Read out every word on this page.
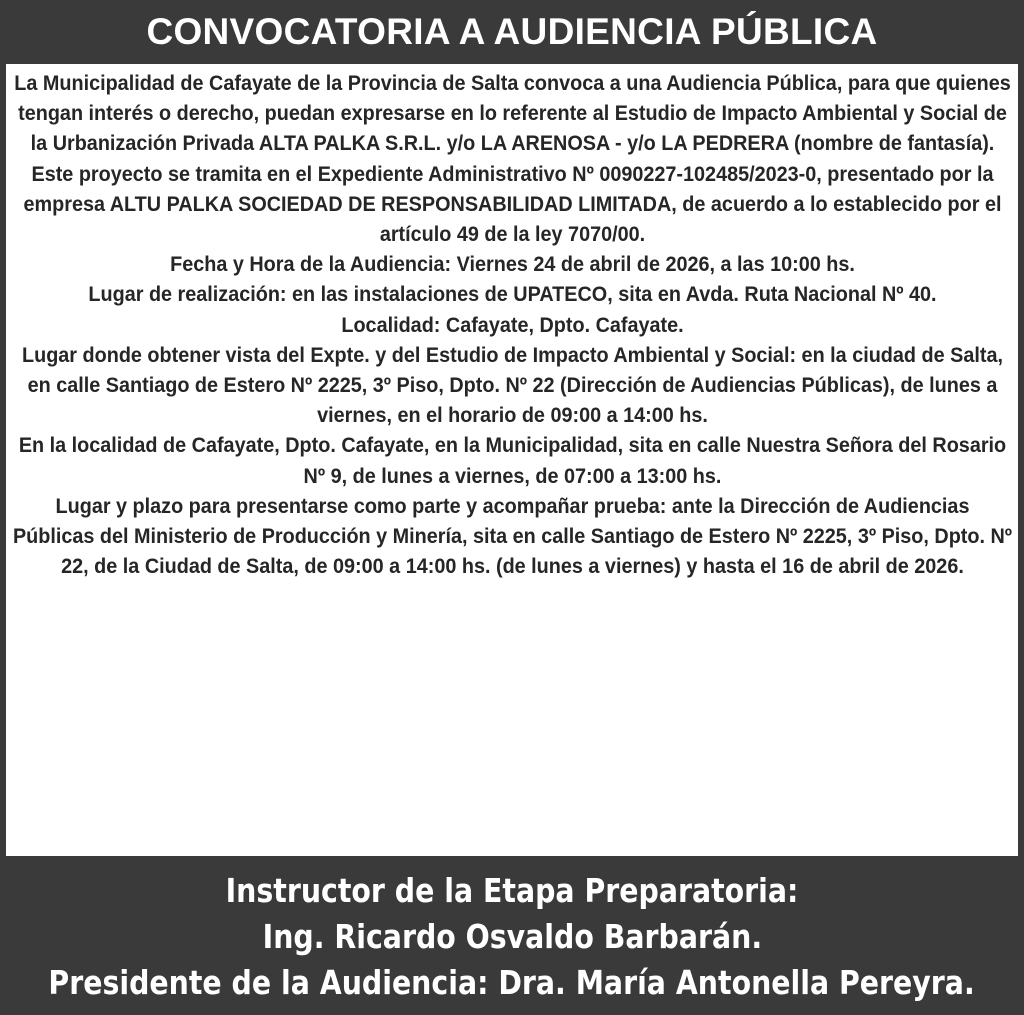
CONVOCATORIA A AUDIENCIA PÚBLICA

La Municipalidad de Cafayate de la Provincia de Salta convoca a una Audiencia Pública, para que quienes tengan interés o derecho, puedan expresarse en lo referente al Estudio de Impacto Ambiental y Social de la Urbanización Privada ALTA PALKA S.R.L. y/o LA ARENOSA - y/o LA PEDRERA (nombre de fantasía).

Este proyecto se tramita en el Expediente Administrativo Nº 0090227-102485/2023-0, presentado por la empresa ALTU PALKA SOCIEDAD DE RESPONSABILIDAD LIMITADA, de acuerdo a lo establecido por el artículo 49 de la ley 7070/00.

Fecha y Hora de la Audiencia: Viernes 24 de abril de 2026, a las 10:00 hs.

Lugar de realización: en las instalaciones de UPATECO, sita en Avda. Ruta Nacional Nº 40.

Localidad: Cafayate, Dpto. Cafayate.

Lugar donde obtener vista del Expte. y del Estudio de Impacto Ambiental y Social: en la ciudad de Salta, en calle Santiago de Estero Nº 2225, 3º Piso, Dpto. Nº 22 (Dirección de Audiencias Públicas), de lunes a viernes, en el horario de 09:00 a 14:00 hs.

En la localidad de Cafayate, Dpto. Cafayate, en la Municipalidad, sita en calle Nuestra Señora del Rosario Nº 9, de lunes a viernes, de 07:00 a 13:00 hs.

Lugar y plazo para presentarse como parte y acompañar prueba: ante la Dirección de Audiencias Públicas del Ministerio de Producción y Minería, sita en calle Santiago de Estero Nº 2225, 3º Piso, Dpto. Nº 22, de la Ciudad de Salta, de 09:00 a 14:00 hs. (de lunes a viernes) y hasta el 16 de abril de 2026.

Instructor de la Etapa Preparatoria:
Ing. Ricardo Osvaldo Barbarán.
Presidente de la Audiencia: Dra. María Antonella Pereyra.
